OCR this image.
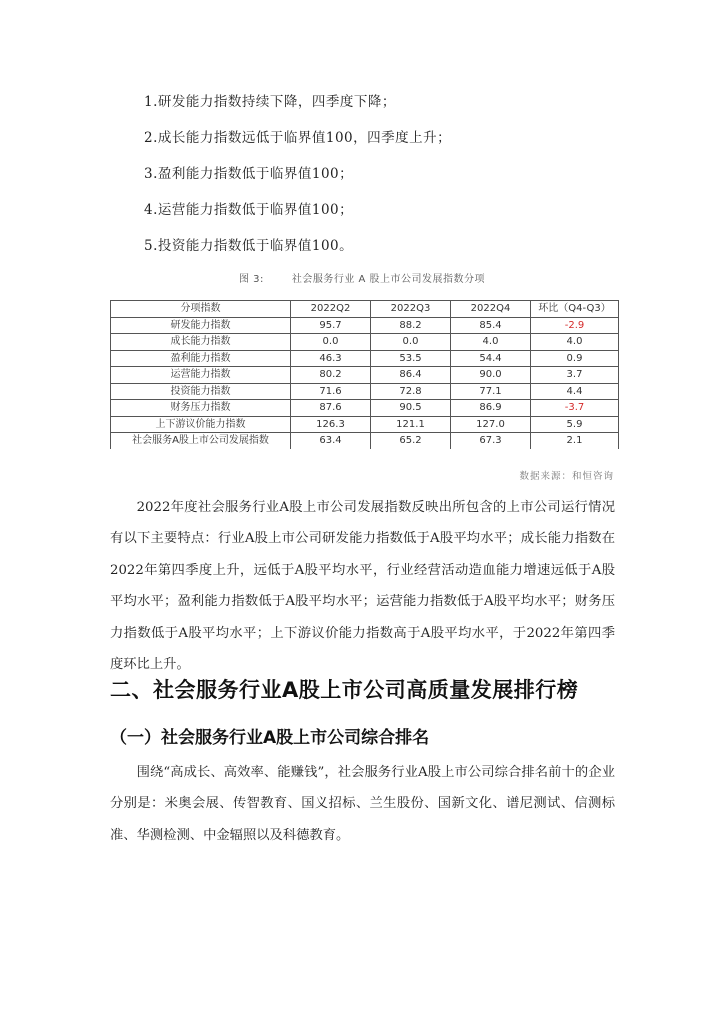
1.研发能力指数持续下降，四季度下降；
2.成长能力指数远低于临界值100，四季度上升；
3.盈利能力指数低于临界值100；
4.运营能力指数低于临界值100；
5.投资能力指数低于临界值100。
图 3:	社会服务行业 A 股上市公司发展指数分项
分项指数	2022Q2	2022Q3	2022Q4	环比（Q4-Q3）
研发能力指数	95.7	88.2	85.4	-2.9
成长能力指数	0.0	0.0	4.0	4.0
盈利能力指数	46.3	53.5	54.4	0.9
运营能力指数	80.2	86.4	90.0	3.7
投资能力指数	71.6	72.8	77.1	4.4
财务压力指数	87.6	90.5	86.9	-3.7
上下游议价能力指数	126.3	121.1	127.0	5.9
社会服务A股上市公司发展指数	63.4	65.2	67.3	2.1
数据来源：和恒咨询

2022年度社会服务行业A股上市公司发展指数反映出所包含的上市公司运行情况有以下主要特点：行业A股上市公司研发能力指数低于A股平均水平；成长能力指数在2022年第四季度上升，远低于A股平均水平，行业经营活动造血能力增速远低于A股平均水平；盈利能力指数低于A股平均水平；运营能力指数低于A股平均水平；财务压力指数低于A股平均水平；上下游议价能力指数高于A股平均水平，于2022年第四季度环比上升。

二、社会服务行业A股上市公司高质量发展排行榜
（一）社会服务行业A股上市公司综合排名

围绕“高成长、高效率、能赚钱”，社会服务行业A股上市公司综合排名前十的企业分别是：米奥会展、传智教育、国义招标、兰生股份、国新文化、谱尼测试、信测标准、华测检测、中金辐照以及科德教育。
